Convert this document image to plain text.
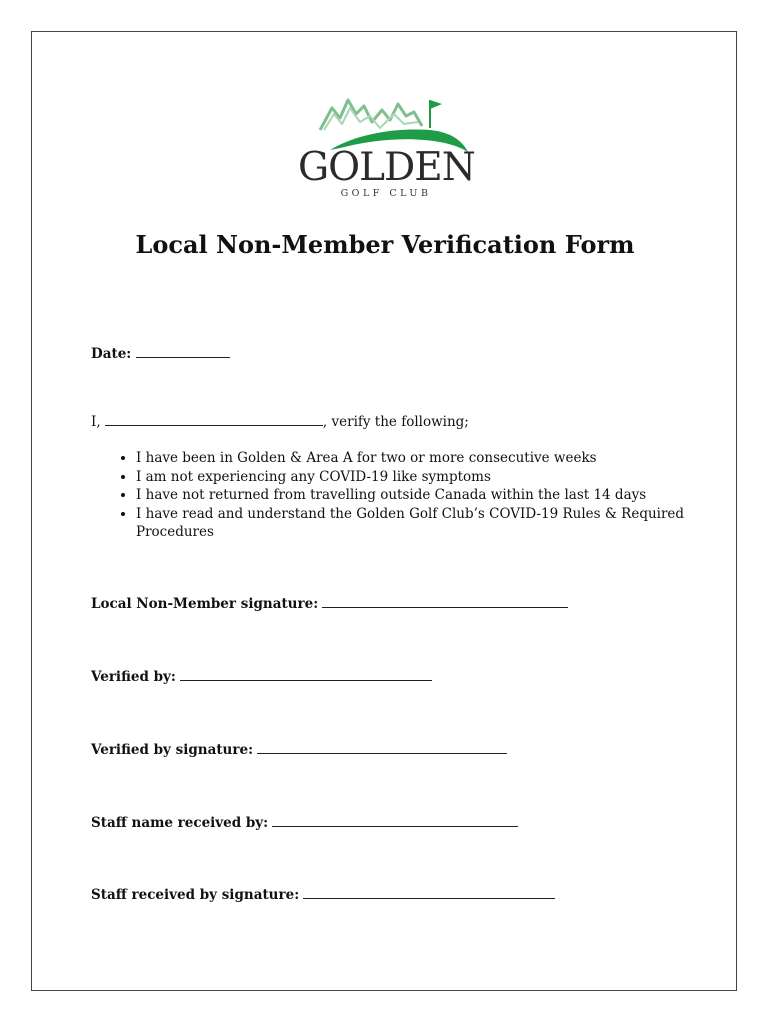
GOLDEN
GOLF CLUB
Local Non-Member Verification Form
Date:
I,	, verify the following;
• I have been in Golden & Area A for two or more consecutive weeks
• I am not experiencing any COVID-19 like symptoms
• I have not returned from travelling outside Canada within the last 14 days
• I have read and understand the Golden Golf Club’s COVID-19 Rules & Required Procedures
Local Non-Member signature:
Verified by:
Verified by signature:
Staff name received by:
Staff received by signature:
